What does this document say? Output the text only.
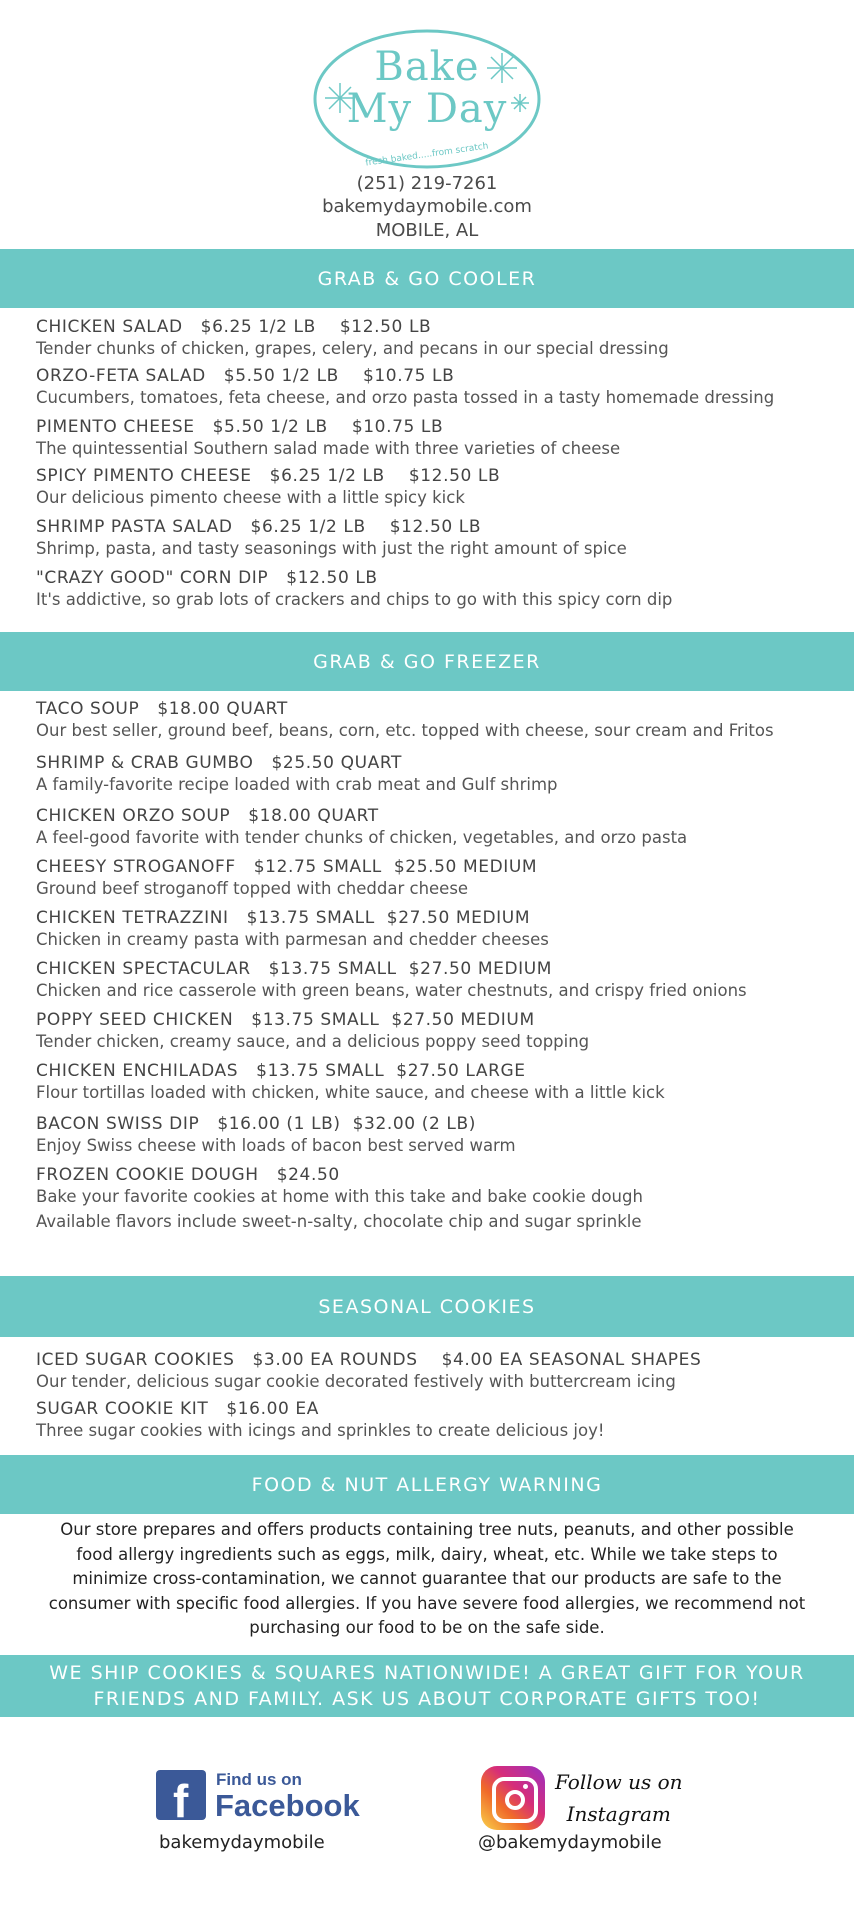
Bake
My Day
fresh baked.....from scratch
(251) 219-7261
bakemydaymobile.com
MOBILE, AL
GRAB & GO COOLER
CHICKEN SALAD   $6.25 1/2 LB    $12.50 LB
Tender chunks of chicken, grapes, celery, and pecans in our special dressing
ORZO-FETA SALAD   $5.50 1/2 LB    $10.75 LB
Cucumbers, tomatoes, feta cheese, and orzo pasta tossed in a tasty homemade dressing
PIMENTO CHEESE   $5.50 1/2 LB    $10.75 LB
The quintessential Southern salad made with three varieties of cheese
SPICY PIMENTO CHEESE   $6.25 1/2 LB    $12.50 LB
Our delicious pimento cheese with a little spicy kick
SHRIMP PASTA SALAD   $6.25 1/2 LB    $12.50 LB
Shrimp, pasta, and tasty seasonings with just the right amount of spice
"CRAZY GOOD" CORN DIP   $12.50 LB
It's addictive, so grab lots of crackers and chips to go with this spicy corn dip
GRAB & GO FREEZER
TACO SOUP   $18.00 QUART
Our best seller, ground beef, beans, corn, etc. topped with cheese, sour cream and Fritos
SHRIMP & CRAB GUMBO   $25.50 QUART
A family-favorite recipe loaded with crab meat and Gulf shrimp
CHICKEN ORZO SOUP   $18.00 QUART
A feel-good favorite with tender chunks of chicken, vegetables, and orzo pasta
CHEESY STROGANOFF   $12.75 SMALL  $25.50 MEDIUM
Ground beef stroganoff topped with cheddar cheese
CHICKEN TETRAZZINI   $13.75 SMALL  $27.50 MEDIUM
Chicken in creamy pasta with parmesan and chedder cheeses
CHICKEN SPECTACULAR   $13.75 SMALL  $27.50 MEDIUM
Chicken and rice casserole with green beans, water chestnuts, and crispy fried onions
POPPY SEED CHICKEN   $13.75 SMALL  $27.50 MEDIUM
Tender chicken, creamy sauce, and a delicious poppy seed topping
CHICKEN ENCHILADAS   $13.75 SMALL  $27.50 LARGE
Flour tortillas loaded with chicken, white sauce, and cheese with a little kick
BACON SWISS DIP   $16.00 (1 LB)  $32.00 (2 LB)
Enjoy Swiss cheese with loads of bacon best served warm
FROZEN COOKIE DOUGH   $24.50
Bake your favorite cookies at home with this take and bake cookie dough
Available flavors include sweet-n-salty, chocolate chip and sugar sprinkle
SEASONAL COOKIES
ICED SUGAR COOKIES   $3.00 EA ROUNDS    $4.00 EA SEASONAL SHAPES
Our tender, delicious sugar cookie decorated festively with buttercream icing
SUGAR COOKIE KIT   $16.00 EA
Three sugar cookies with icings and sprinkles to create delicious joy!
FOOD & NUT ALLERGY WARNING
Our store prepares and offers products containing tree nuts, peanuts, and other possible food allergy ingredients such as eggs, milk, dairy, wheat, etc. While we take steps to minimize cross-contamination, we cannot guarantee that our products are safe to the consumer with specific food allergies. If you have severe food allergies, we recommend not purchasing our food to be on the safe side.
WE SHIP COOKIES & SQUARES NATIONWIDE! A GREAT GIFT FOR YOUR
FRIENDS AND FAMILY. ASK US ABOUT CORPORATE GIFTS TOO!
f Find us on
Facebook
bakemydaymobile
Follow us on
Instagram
@bakemydaymobile
